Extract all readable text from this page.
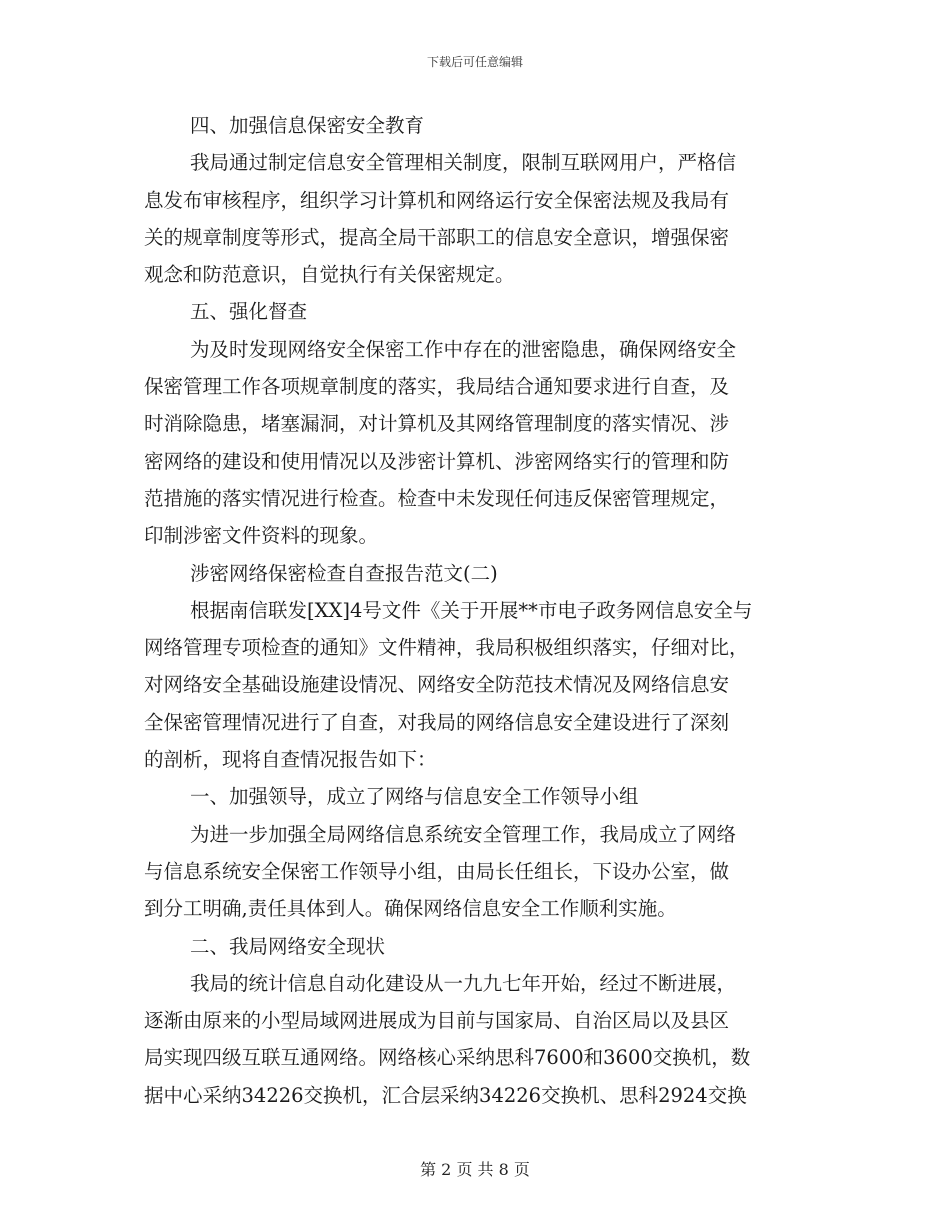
下载后可任意编辑
四、加强信息保密安全教育
我局通过制定信息安全管理相关制度，限制互联网用户，严格信
息发布审核程序，组织学习计算机和网络运行安全保密法规及我局有
关的规章制度等形式，提高全局干部职工的信息安全意识，增强保密
观念和防范意识，自觉执行有关保密规定。
五、强化督查
为及时发现网络安全保密工作中存在的泄密隐患，确保网络安全
保密管理工作各项规章制度的落实，我局结合通知要求进行自查，及
时消除隐患，堵塞漏洞，对计算机及其网络管理制度的落实情况、涉
密网络的建设和使用情况以及涉密计算机、涉密网络实行的管理和防
范措施的落实情况进行检查。检查中未发现任何违反保密管理规定，
印制涉密文件资料的现象。
涉密网络保密检查自查报告范文(二)
根据南信联发[XX]4号文件《关于开展**市电子政务网信息安全与
网络管理专项检查的通知》文件精神，我局积极组织落实，仔细对比，
对网络安全基础设施建设情况、网络安全防范技术情况及网络信息安
全保密管理情况进行了自查，对我局的网络信息安全建设进行了深刻
的剖析，现将自查情况报告如下：
一、加强领导，成立了网络与信息安全工作领导小组
为进一步加强全局网络信息系统安全管理工作，我局成立了网络
与信息系统安全保密工作领导小组，由局长任组长，下设办公室，做
到分工明确,责任具体到人。确保网络信息安全工作顺利实施。
二、我局网络安全现状
我局的统计信息自动化建设从一九九七年开始，经过不断进展，
逐渐由原来的小型局域网进展成为目前与国家局、自治区局以及县区
局实现四级互联互通网络。网络核心采纳思科7600和3600交换机，数
据中心采纳34226交换机，汇合层采纳34226交换机、思科2924交换
第 2 页 共 8 页
